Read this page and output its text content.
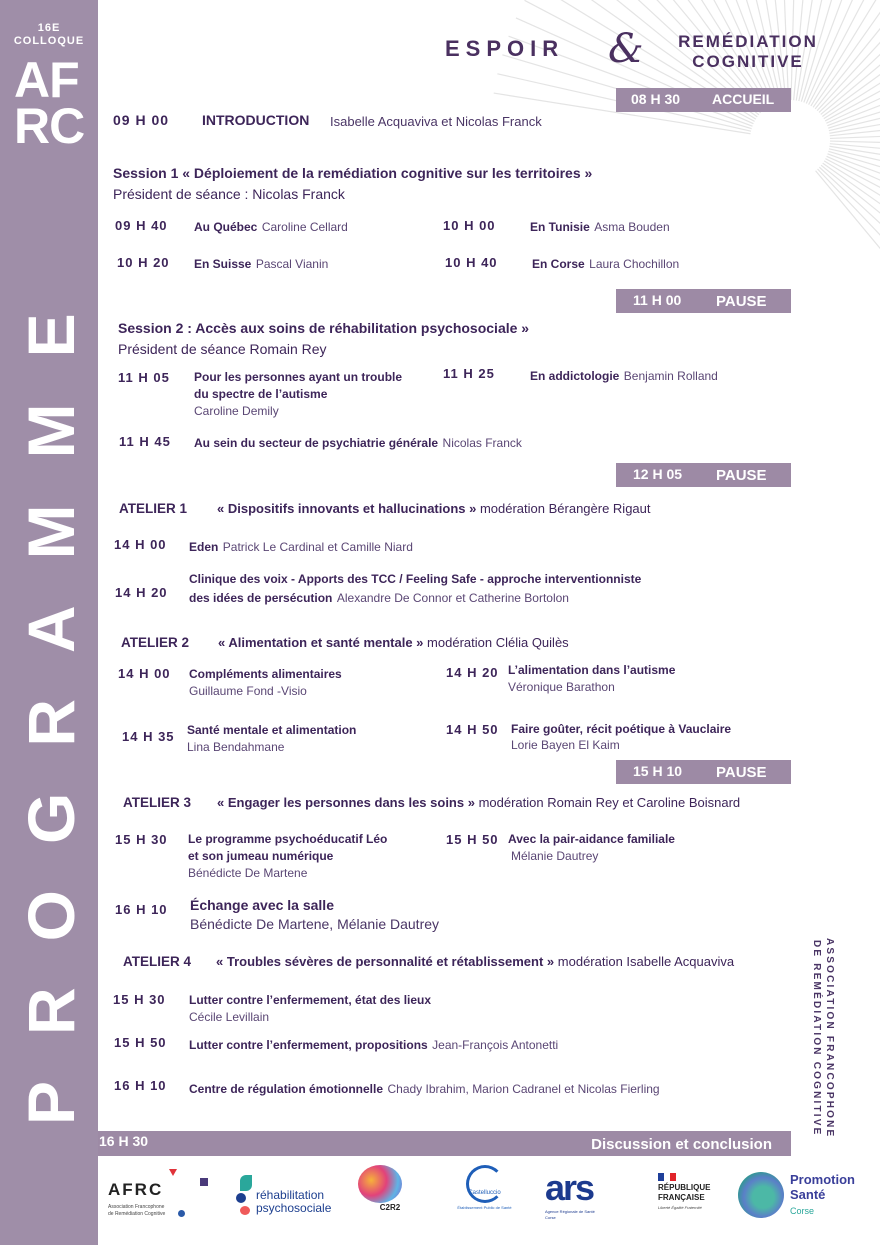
16E
COLLOQUE
AF
RC
PROGRAMME
ESPOIR &	REMÉDIATION
COGNITIVE
08 H 30 ACCUEIL
09 H 00 INTRODUCTION Isabelle Acquaviva et Nicolas Franck
Session 1 « Déploiement de la remédiation cognitive sur les territoires »
Président de séance : Nicolas Franck
09 H 40 Au Québec Caroline Cellard	10 H 00	En Tunisie Asma Bouden
10 H 20 En Suisse Pascal Vianin	10 H 40	En Corse Laura Chochillon
11 H 00 PAUSE
Session 2 : Accès aux soins de réhabilitation psychosociale »
Président de séance Romain Rey
11 H 05 Pour les personnes ayant un trouble
du spectre de l’autisme
Caroline Demily
11 H 25	En addictologie Benjamin Rolland
11 H 45 Au sein du secteur de psychiatrie générale Nicolas Franck
12 H 05 PAUSE
ATELIER 1 « Dispositifs innovants et hallucinations » modération Bérangère Rigaut
14 H 00 Eden Patrick Le Cardinal et Camille Niard
14 H 20
Clinique des voix - Apports des TCC / Feeling Safe - approche interventionniste
des idées de persécution Alexandre De Connor et Catherine Bortolon
ATELIER 2 « Alimentation et santé mentale » modération Clélia Quilès
14 H 00 Compléments alimentaires
Guillaume Fond -Visio
14 H 20 L’alimentation dans l’autisme
Véronique Barathon
14 H 35 Santé mentale et alimentation
Lina Bendahmane
14 H 50 Faire goûter, récit poétique à Vauclaire
Lorie Bayen El Kaim
15 H 10 PAUSE
ATELIER 3 « Engager les personnes dans les soins » modération Romain Rey et Caroline Boisnard
15 H 30 Le programme psychoéducatif Léo
et son jumeau numérique
Bénédicte De Martene
15 H 50 Avec la pair-aidance familiale
Mélanie Dautrey
16 H 10 Échange avec la salle
Bénédicte De Martene, Mélanie Dautrey
ATELIER 4 « Troubles sévères de personnalité et rétablissement » modération Isabelle Acquaviva
15 H 30 Lutter contre l’enfermement, état des lieux
Cécile Levillain
15 H 50 Lutter contre l’enfermement, propositions Jean-François Antonetti
16 H 10 Centre de régulation émotionnelle Chady Ibrahim, Marion Cadranel et Nicolas Fierling
16 H 30	Discussion et conclusion
ASSOCIATION FRANCOPHONE
DE REMÉDIATION COGNITIVE
AFRC
Association Francophone
de Remédiation Cognitive
réhabilitation
psychosociale	C2R2
Castelluccio
Établissement Public de Santé ars
Agence Régionale de Santé
Corse
RÉPUBLIQUE
FRANÇAISE
Liberté Égalité Fraternité
Promotion
Santé
Corse
